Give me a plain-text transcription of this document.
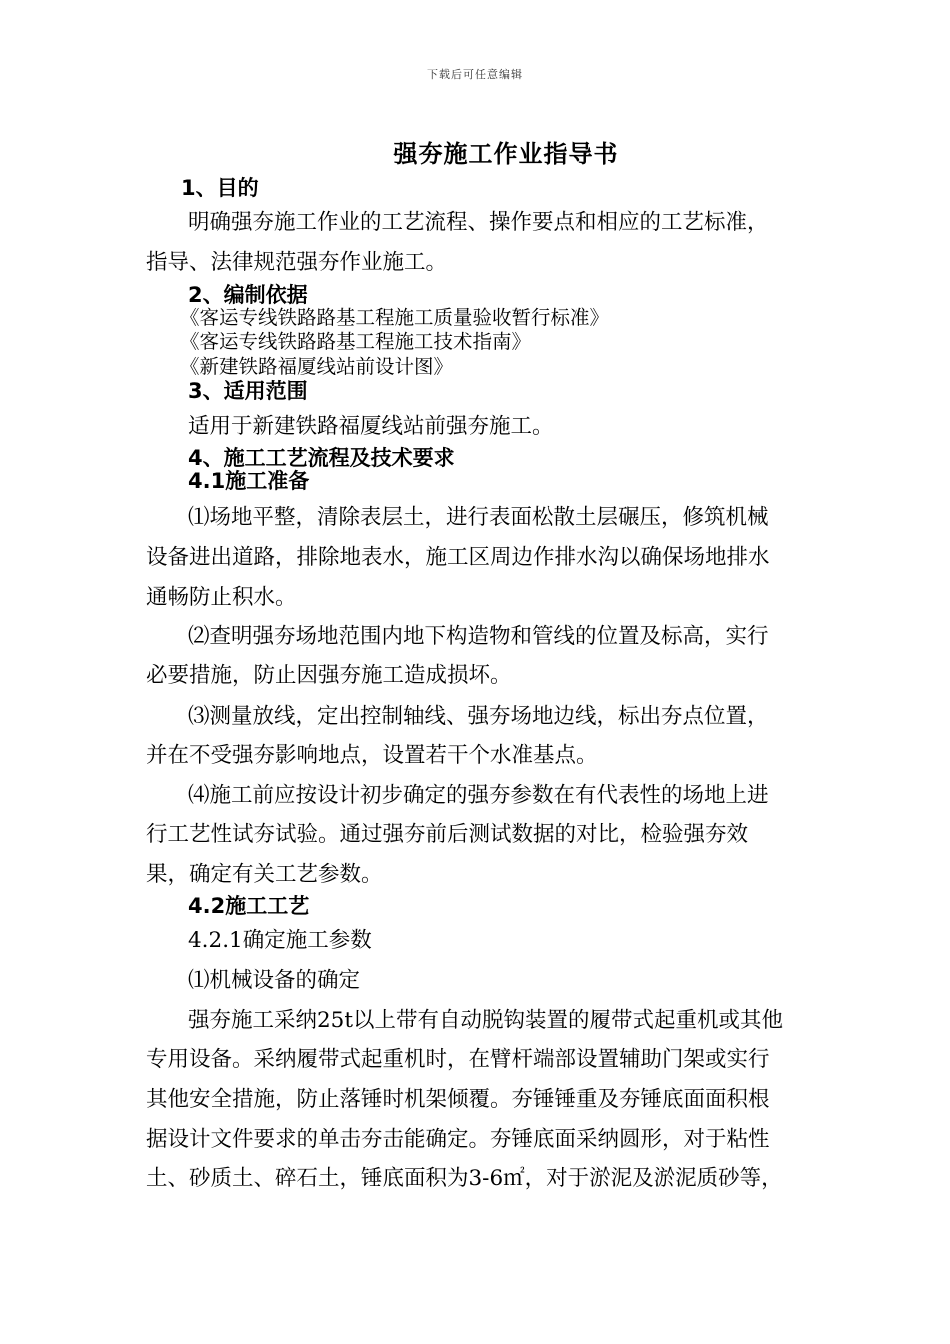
下载后可任意编辑
强夯施工作业指导书
1、目的
明确强夯施工作业的工艺流程、操作要点和相应的工艺标准，
指导、法律规范强夯作业施工。
2、编制依据
《客运专线铁路路基工程施工质量验收暂行标准》
《客运专线铁路路基工程施工技术指南》
《新建铁路福厦线站前设计图》
3、适用范围
适用于新建铁路福厦线站前强夯施工。
4、施工工艺流程及技术要求
4.1施工准备
⑴场地平整，清除表层土，进行表面松散土层碾压，修筑机械
设备进出道路，排除地表水，施工区周边作排水沟以确保场地排水
通畅防止积水。
⑵查明强夯场地范围内地下构造物和管线的位置及标高，实行
必要措施，防止因强夯施工造成损坏。
⑶测量放线，定出控制轴线、强夯场地边线，标出夯点位置，
并在不受强夯影响地点，设置若干个水准基点。
⑷施工前应按设计初步确定的强夯参数在有代表性的场地上进
行工艺性试夯试验。通过强夯前后测试数据的对比，检验强夯效
果，确定有关工艺参数。
4.2施工工艺
4.2.1确定施工参数
⑴机械设备的确定
强夯施工采纳25t以上带有自动脱钩装置的履带式起重机或其他
专用设备。采纳履带式起重机时，在臂杆端部设置辅助门架或实行
其他安全措施，防止落锤时机架倾覆。夯锤锤重及夯锤底面面积根
据设计文件要求的单击夯击能确定。夯锤底面采纳圆形，对于粘性
土、砂质土、碎石土，锤底面积为3-6㎡，对于淤泥及淤泥质砂等，
